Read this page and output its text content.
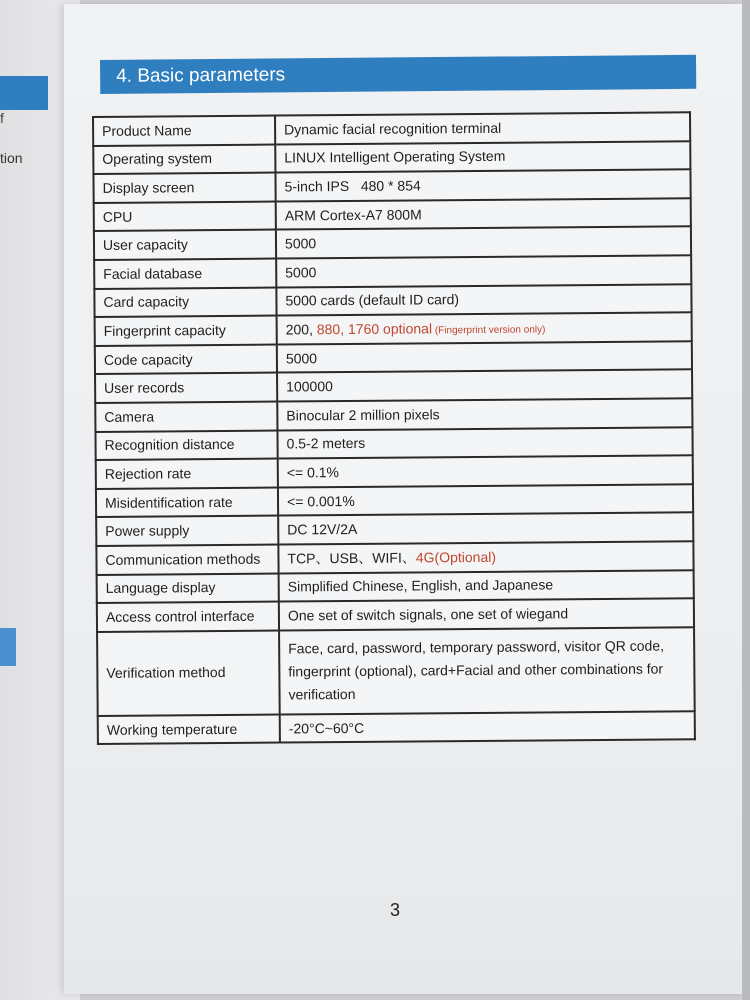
f
tion
4. Basic parameters
Product Name	Dynamic facial recognition terminal
Operating system	LINUX Intelligent Operating System
Display screen	5-inch IPS   480 * 854
CPU	ARM Cortex-A7 800M
User capacity	5000
Facial database	5000
Card capacity	5000 cards (default ID card)
Fingerprint capacity	200, 880, 1760 optional (Fingerprint version only)
Code capacity	5000
User records	100000
Camera	Binocular 2 million pixels
Recognition distance	0.5-2 meters
Rejection rate	<= 0.1%
Misidentification rate	<= 0.001%
Power supply	DC 12V/2A
Communication methods	TCP、USB、WIFI、4G(Optional)
Language display	Simplified Chinese, English, and Japanese
Access control interface	One set of switch signals, one set of wiegand
Verification method	Face, card, password, temporary password, visitor QR code, fingerprint (optional), card+Facial and other combinations for verification
Working temperature	-20°C~60°C
3
